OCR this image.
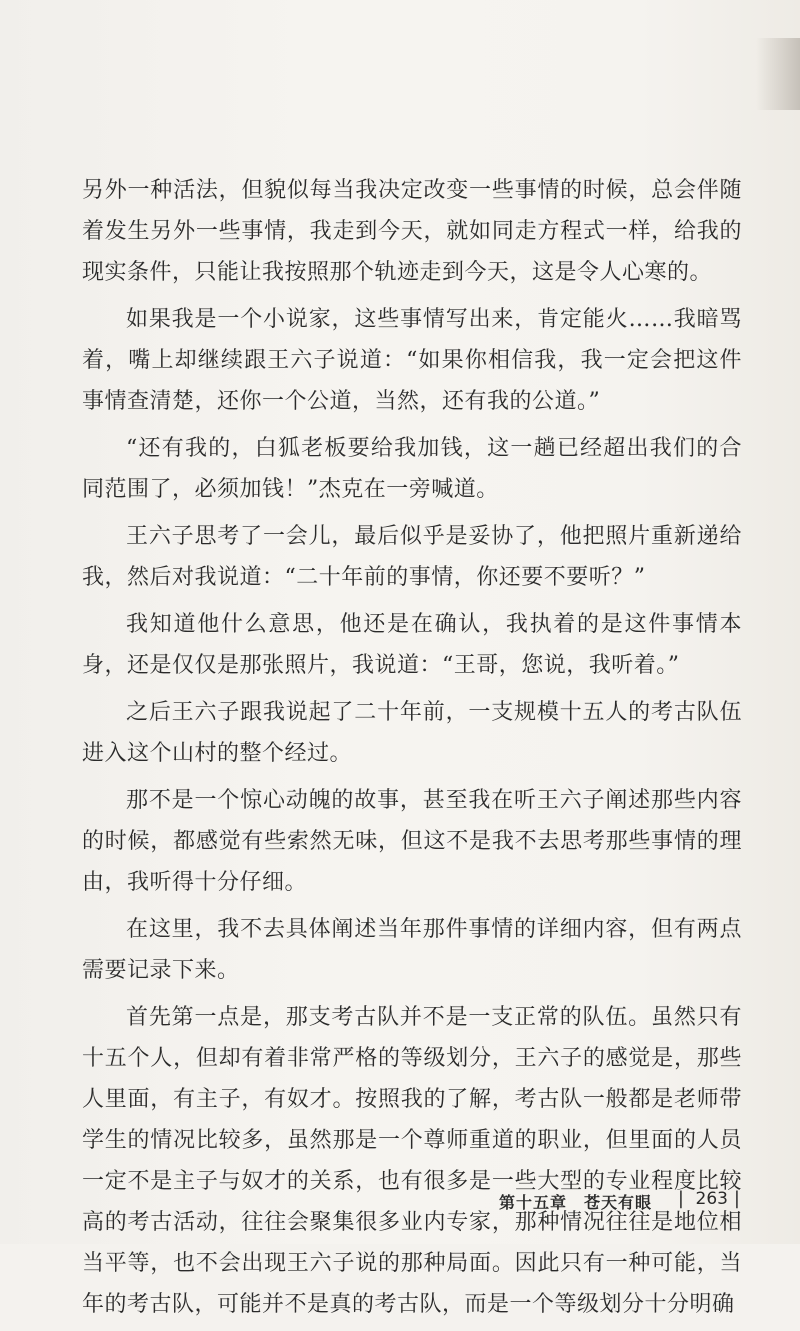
另外一种活法，但貌似每当我决定改变一些事情的时候，总会伴随着发生另外一些事情，我走到今天，就如同走方程式一样，给我的现实条件，只能让我按照那个轨迹走到今天，这是令人心寒的。

如果我是一个小说家，这些事情写出来，肯定能火……我暗骂着，嘴上却继续跟王六子说道：“如果你相信我，我一定会把这件事情查清楚，还你一个公道，当然，还有我的公道。”

“还有我的，白狐老板要给我加钱，这一趟已经超出我们的合同范围了，必须加钱！”杰克在一旁喊道。

王六子思考了一会儿，最后似乎是妥协了，他把照片重新递给我，然后对我说道：“二十年前的事情，你还要不要听？”

我知道他什么意思，他还是在确认，我执着的是这件事情本身，还是仅仅是那张照片，我说道：“王哥，您说，我听着。”

之后王六子跟我说起了二十年前，一支规模十五人的考古队伍进入这个山村的整个经过。

那不是一个惊心动魄的故事，甚至我在听王六子阐述那些内容的时候，都感觉有些索然无味，但这不是我不去思考那些事情的理由，我听得十分仔细。

在这里，我不去具体阐述当年那件事情的详细内容，但有两点需要记录下来。

首先第一点是，那支考古队并不是一支正常的队伍。虽然只有十五个人，但却有着非常严格的等级划分，王六子的感觉是，那些人里面，有主子，有奴才。按照我的了解，考古队一般都是老师带学生的情况比较多，虽然那是一个尊师重道的职业，但里面的人员一定不是主子与奴才的关系，也有很多是一些大型的专业程度比较高的考古活动，往往会聚集很多业内专家，那种情况往往是地位相当平等，也不会出现王六子说的那种局面。因此只有一种可能，当年的考古队，可能并不是真的考古队，而是一个等级划分十分明确

第十五章　苍天有眼 | 263 |
